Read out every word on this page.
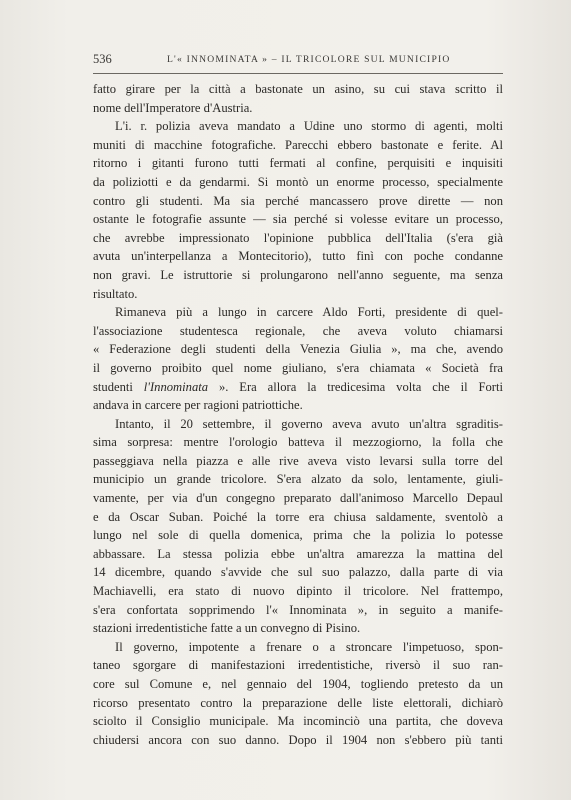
536	L'« INNOMINATA » – IL TRICOLORE SUL MUNICIPIO
fatto girare per la città a bastonate un asino, su cui stava scritto il
nome dell'Imperatore d'Austria.
L'i. r. polizia aveva mandato a Udine uno stormo di agenti, molti
muniti di macchine fotografiche. Parecchi ebbero bastonate e ferite. Al
ritorno i gitanti furono tutti fermati al confine, perquisiti e inquisiti
da poliziotti e da gendarmi. Si montò un enorme processo, specialmente
contro gli studenti. Ma sia perché mancassero prove dirette — non
ostante le fotografie assunte — sia perché si volesse evitare un processo,
che avrebbe impressionato l'opinione pubblica dell'Italia (s'era già
avuta un'interpellanza a Montecitorio), tutto finì con poche condanne
non gravi. Le istruttorie si prolungarono nell'anno seguente, ma senza
risultato.
Rimaneva più a lungo in carcere Aldo Forti, presidente di quel-
l'associazione studentesca regionale, che aveva voluto chiamarsi
« Federazione degli studenti della Venezia Giulia », ma che, avendo
il governo proibito quel nome giuliano, s'era chiamata « Società fra
studenti l'Innominata ». Era allora la tredicesima volta che il Forti
andava in carcere per ragioni patriottiche.
Intanto, il 20 settembre, il governo aveva avuto un'altra sgraditis-
sima sorpresa: mentre l'orologio batteva il mezzogiorno, la folla che
passeggiava nella piazza e alle rive aveva visto levarsi sulla torre del
municipio un grande tricolore. S'era alzato da solo, lentamente, giuli-
vamente, per via d'un congegno preparato dall'animoso Marcello Depaul
e da Oscar Suban. Poiché la torre era chiusa saldamente, sventolò a
lungo nel sole di quella domenica, prima che la polizia lo potesse
abbassare. La stessa polizia ebbe un'altra amarezza la mattina del
14 dicembre, quando s'avvide che sul suo palazzo, dalla parte di via
Machiavelli, era stato di nuovo dipinto il tricolore. Nel frattempo,
s'era confortata sopprimendo l'« Innominata », in seguito a manife-
stazioni irredentistiche fatte a un convegno di Pisino.
Il governo, impotente a frenare o a stroncare l'impetuoso, spon-
taneo sgorgare di manifestazioni irredentistiche, riversò il suo ran-
core sul Comune e, nel gennaio del 1904, togliendo pretesto da un
ricorso presentato contro la preparazione delle liste elettorali, dichiarò
sciolto il Consiglio municipale. Ma incominciò una partita, che doveva
chiudersi ancora con suo danno. Dopo il 1904 non s'ebbero più tanti
